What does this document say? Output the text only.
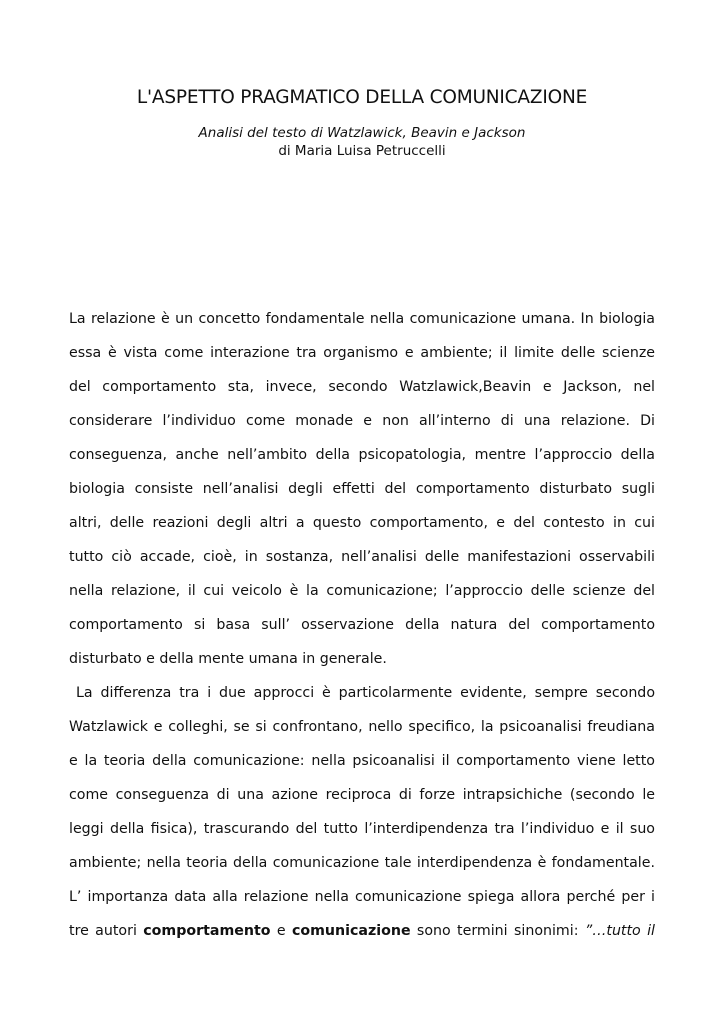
L'ASPETTO PRAGMATICO DELLA COMUNICAZIONE
Analisi del testo di Watzlawick, Beavin e Jackson
di Maria Luisa Petruccelli
La relazione è un concetto fondamentale nella comunicazione umana. In biologia
essa è vista come interazione tra organismo e ambiente; il limite delle scienze
del comportamento sta, invece, secondo Watzlawick,Beavin e Jackson, nel
considerare l’individuo come monade e non all’interno di una relazione. Di
conseguenza, anche nell’ambito della psicopatologia, mentre l’approccio della
biologia consiste nell’analisi degli effetti del comportamento disturbato sugli
altri, delle reazioni degli altri a questo comportamento, e del contesto in cui
tutto ciò accade, cioè, in sostanza, nell’analisi delle manifestazioni osservabili
nella relazione, il cui veicolo è la comunicazione; l’approccio delle scienze del
comportamento si basa sull’ osservazione della natura del comportamento
disturbato e della mente umana in generale.
La differenza tra i due approcci è particolarmente evidente, sempre secondo
Watzlawick e colleghi, se si confrontano, nello specifico, la psicoanalisi freudiana
e la teoria della comunicazione: nella psicoanalisi il comportamento viene letto
come conseguenza di una azione reciproca di forze intrapsichiche (secondo le
leggi della fisica), trascurando del tutto l’interdipendenza tra l’individuo e il suo
ambiente; nella teoria della comunicazione tale interdipendenza è fondamentale.
L’ importanza data alla relazione nella comunicazione spiega allora perché per i
tre autori comportamento e comunicazione sono termini sinonimi: ”…tutto il
